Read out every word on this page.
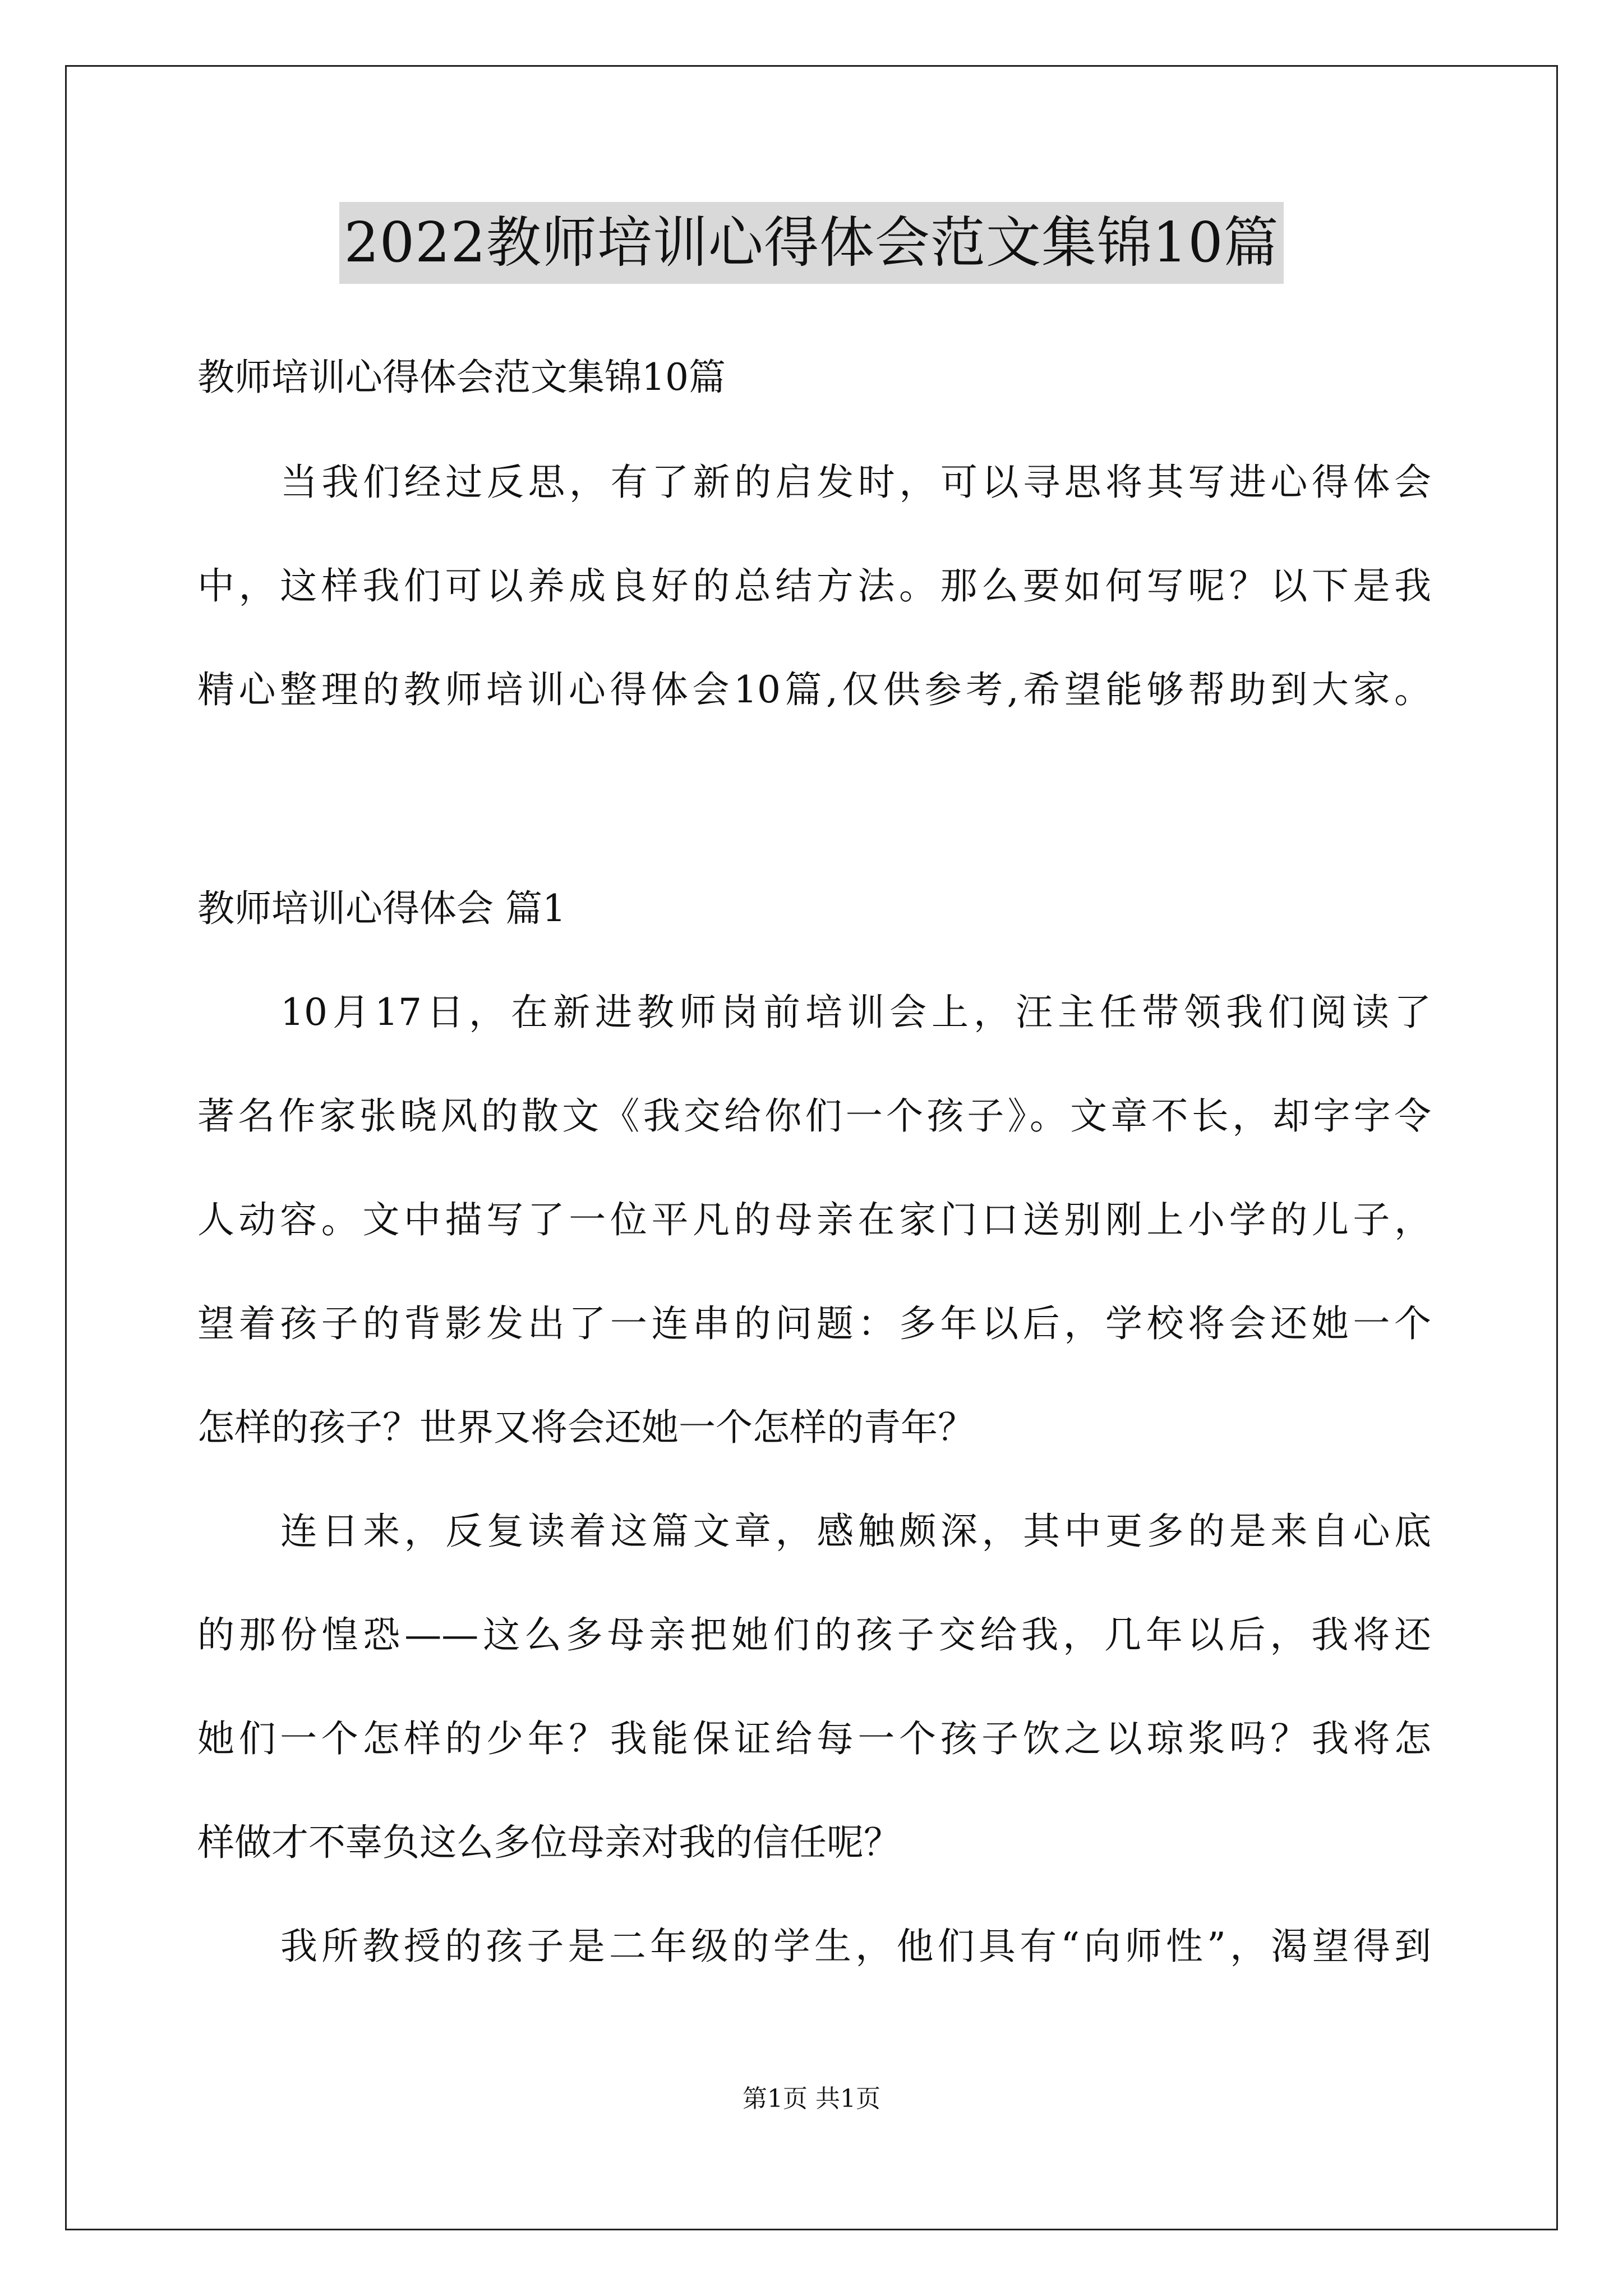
2022教师培训心得体会范文集锦10篇
教师培训心得体会范文集锦10篇
当我们经过反思，有了新的启发时，可以寻思将其写进心得体会
中，这样我们可以养成良好的总结方法。那么要如何写呢？以下是我
精心整理的教师培训心得体会10篇,仅供参考,希望能够帮助到大家。
教师培训心得体会 篇1
10月17日，在新进教师岗前培训会上，汪主任带领我们阅读了
著名作家张晓风的散文《我交给你们一个孩子》。文章不长，却字字令
人动容。文中描写了一位平凡的母亲在家门口送别刚上小学的儿子，
望着孩子的背影发出了一连串的问题：多年以后，学校将会还她一个
怎样的孩子？世界又将会还她一个怎样的青年？
连日来，反复读着这篇文章，感触颇深，其中更多的是来自心底
的那份惶恐——这么多母亲把她们的孩子交给我，几年以后，我将还
她们一个怎样的少年？我能保证给每一个孩子饮之以琼浆吗？我将怎
样做才不辜负这么多位母亲对我的信任呢？
我所教授的孩子是二年级的学生，他们具有“向师性”，渴望得到
第1页 共1页
